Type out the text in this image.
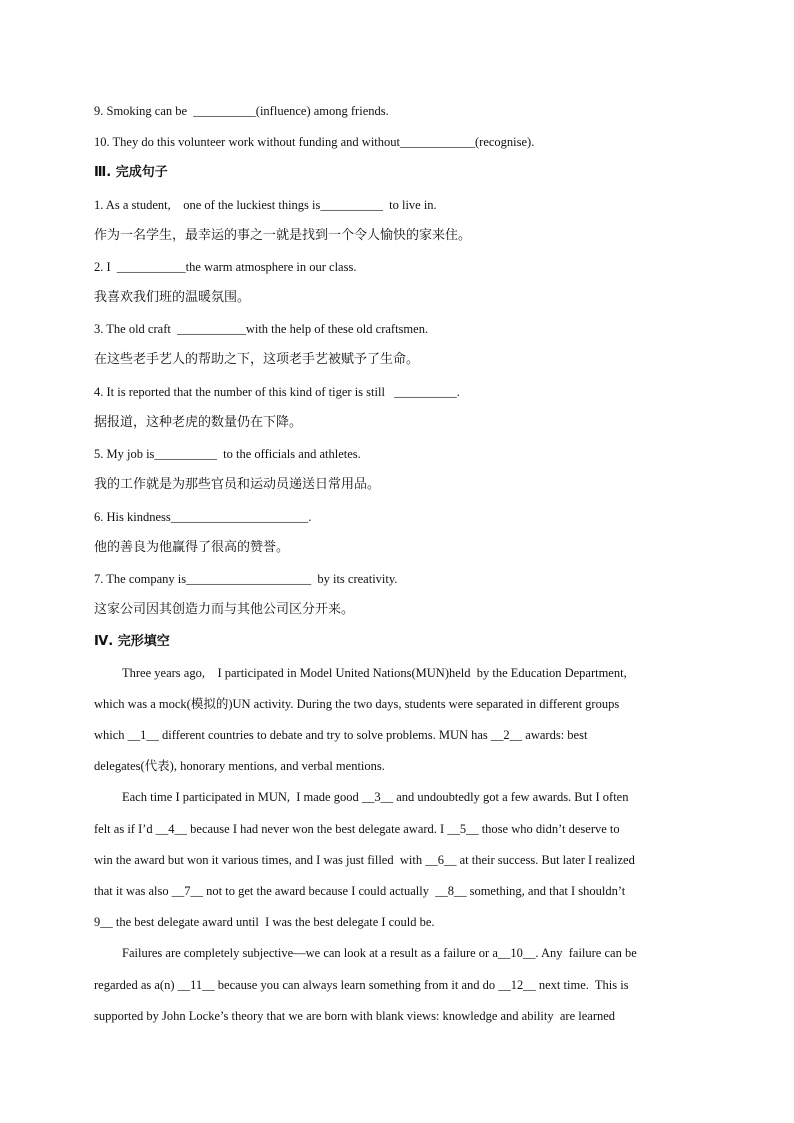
9. Smoking can be  __________(influence) among friends.
10. They do this volunteer work without funding and without____________(recognise).
Ⅲ. 完成句子
1. As a student,    one of the luckiest things is__________  to live in.
作为一名学生，最幸运的事之一就是找到一个令人愉快的家来住。
2. I  ___________the warm atmosphere in our class.
我喜欢我们班的温暖氛围。
3. The old craft  ___________with the help of these old craftsmen.
在这些老手艺人的帮助之下，这项老手艺被赋予了生命。
4. It is reported that the number of this kind of tiger is still   __________.
据报道，这种老虎的数量仍在下降。
5. My job is__________  to the officials and athletes.
我的工作就是为那些官员和运动员递送日常用品。
6. His kindness______________________.
他的善良为他赢得了很高的赞誉。
7. The company is____________________  by its creativity.
这家公司因其创造力而与其他公司区分开来。
Ⅳ. 完形填空
Three years ago,    I participated in Model United Nations(MUN)held  by the Education Department,
which was a mock(模拟的)UN activity. During the two days, students were separated in different groups
which __1__ different countries to debate and try to solve problems. MUN has __2__ awards: best
delegates(代表), honorary mentions, and verbal mentions.
Each time I participated in MUN,  I made good __3__ and undoubtedly got a few awards. But I often
felt as if I’d __4__ because I had never won the best delegate award. I __5__ those who didn’t deserve to
win the award but won it various times, and I was just filled  with __6__ at their success. But later I realized
that it was also __7__ not to get the award because I could actually  __8__ something, and that I shouldn’t
9__ the best delegate award until  I was the best delegate I could be.
Failures are completely subjective—we can look at a result as a failure or a__10__. Any  failure can be
regarded as a(n) __11__ because you can always learn something from it and do __12__ next time.  This is
supported by John Locke’s theory that we are born with blank views: knowledge and ability  are learned
